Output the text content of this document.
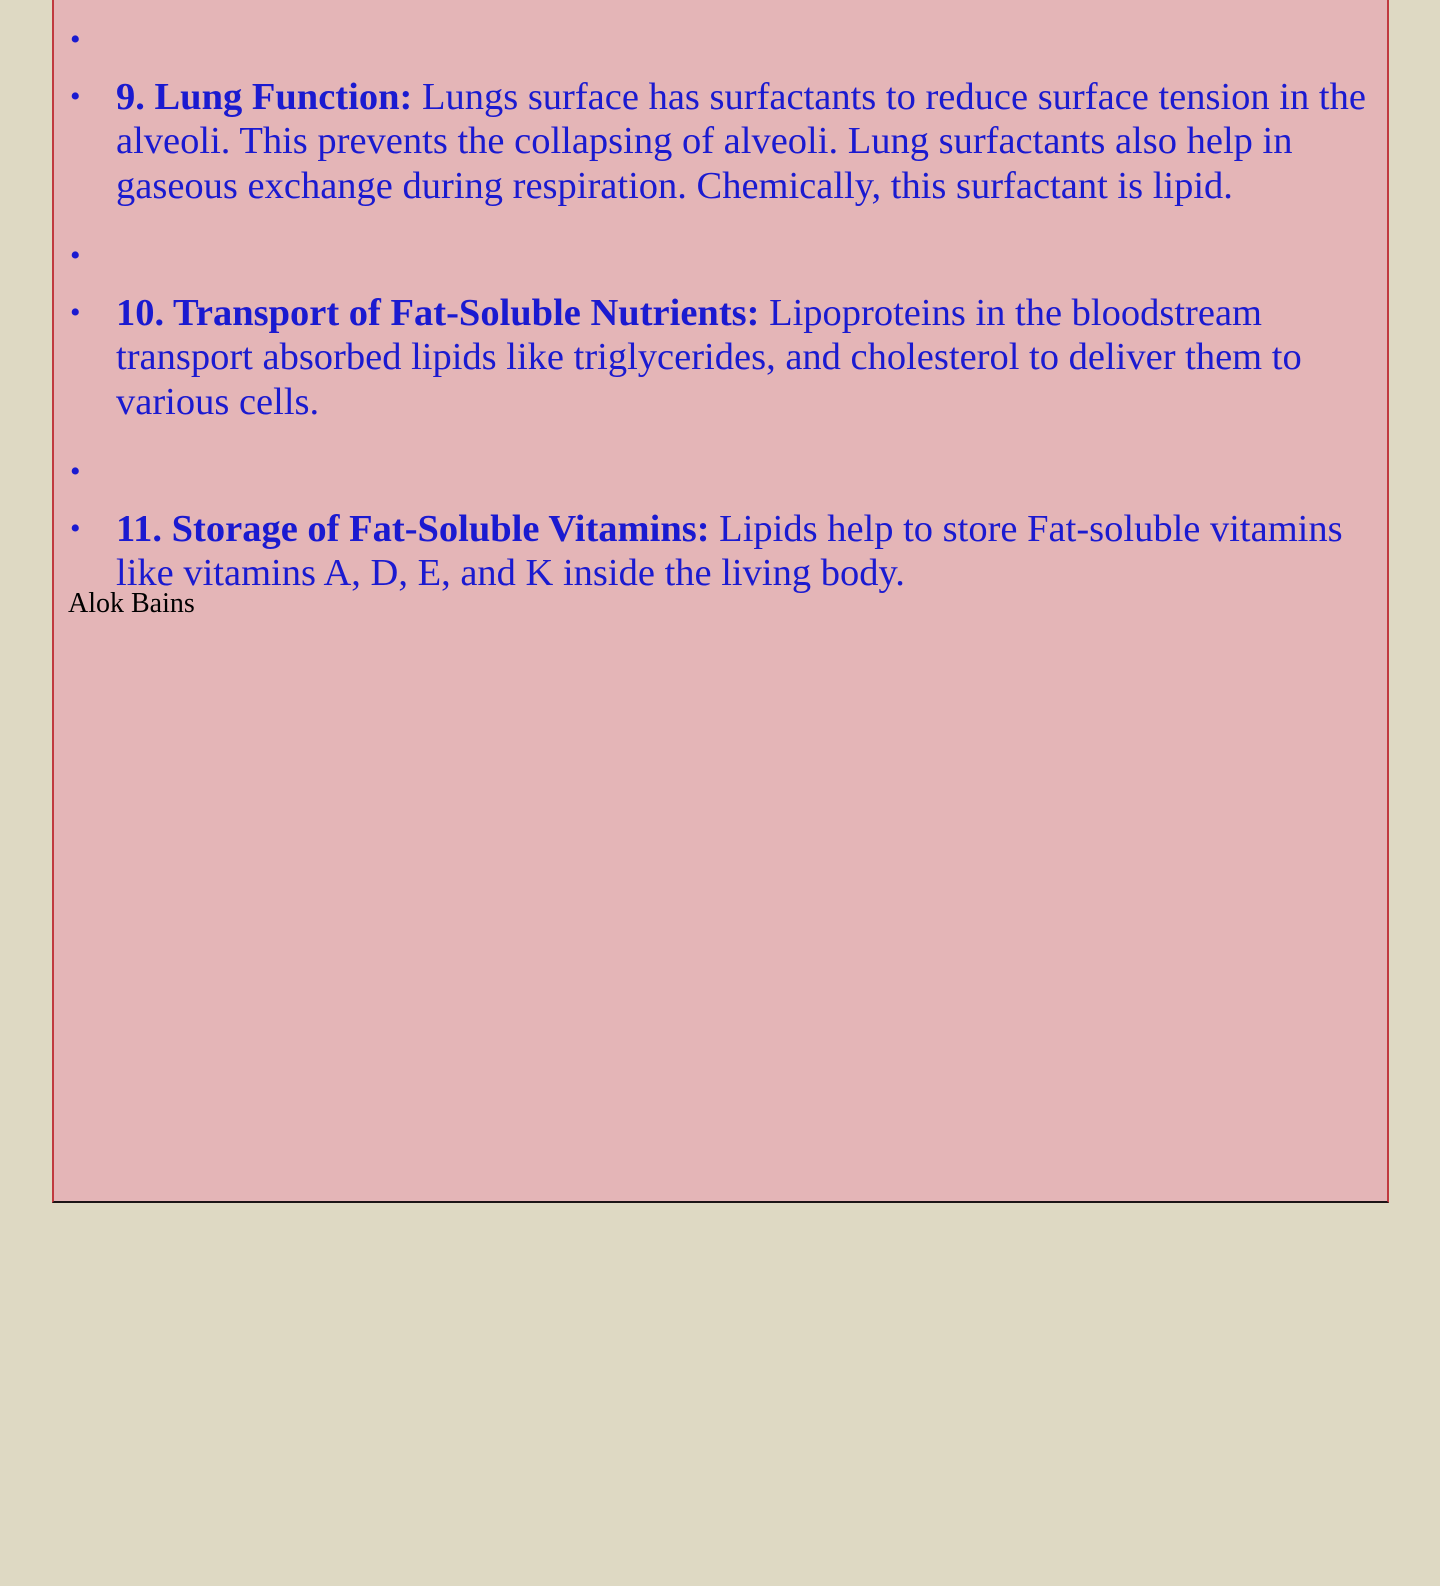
•
• 9. Lung Function: Lungs surface has surfactants to reduce surface tension in the alveoli. This prevents the collapsing of alveoli. Lung surfactants also help in gaseous exchange during respiration. Chemically, this surfactant is lipid.
•
• 10. Transport of Fat-Soluble Nutrients: Lipoproteins in the bloodstream transport absorbed lipids like triglycerides, and cholesterol to deliver them to various cells.
•
• 11. Storage of Fat-Soluble Vitamins: Lipids help to store Fat-soluble vitamins like vitamins A, D, E, and K inside the living body.
Alok Bains
